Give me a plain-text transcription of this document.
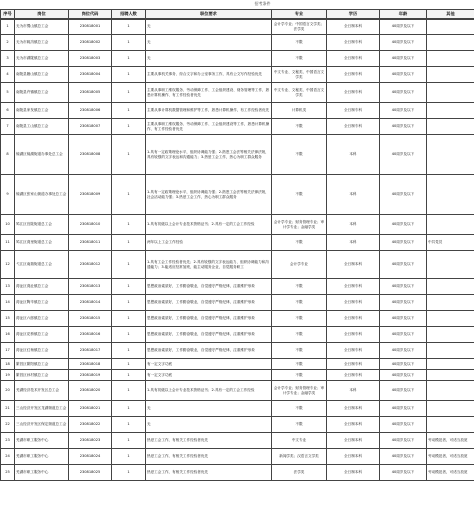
				招考条件				
序号	岗位	岗位代码	招聘人数	职位要求	专业	学历	年龄	其他
1	无为市蜀山镇总工会	230818001	1	无	会计学专业；中国语言文学类；法学类	全日制本科	40周岁及以下	
2	无为市姚沟镇总工会	230818002	1	无	不限	全日制专科	40周岁及以下	
3	无为市湖陇镇总工会	230818003	1	无	不限	全日制专科	40周岁及以下	
4	南陵县籍山镇总工会	230818004	1	主要从事机关事务、综合文字和办公室事务工作，具有公文写作经验优先	中文专业、文秘类、中国语言文学类	全日制专科	40周岁及以下	
5	南陵县许镇镇总工会	230818005	1	主要从事职工维权服务、劳动保障工作、工会组织建设、财务管理等工作，熟悉计算机操作、有工作经验者优先	中文专业、文秘类、中国语言文学类	全日制专科	40周岁及以下	
6	南陵县家发镇总工会	230818006	1	主要从事计算机数据管理和维护等工作，熟悉计算机操作，有工作经验者优先	计算机类	全日制专科	40周岁及以下	
7	南陵县工山镇总工会	230818007	1	主要从事职工维权服务、劳动保障工作、工会组织建设等工作，熟悉计算机操作、有工作经验者优先	不限	全日制专科	40周岁及以下	
8	镜湖区镜湖街道办事处总工会	230818008	1	1.具有一定政策理论水平，组织协调能力强；2.熟悉工会法等相关法律法规，具有较强的文字表达和沟通能力；3.热爱工会工作，热心为职工群众服务	不限	本科	40周岁及以下	
9	镜湖区张家山街道办事处总工会	230818009	1	1.具有一定政策理论水平，组织协调能力强；2.熟悉工会法等相关法律法规，社会活动能力强；3.热爱工会工作，热心为职工群众服务	不限	本科	40周岁及以下	
10	鸠江区官陡街道总工会	230818010	1	1.具有初级以上会计专业技术资格证书；2.具有一定的工会工作经验	会计学专业；财务管理专业；审计学专业；金融学类	本科	40周岁及以下	
11	鸠江区湾里街道总工会	230818011	1	两年以上工会工作经验	不限	本科	40周岁及以下	中共党员
12	弋江区南瑞街道总工会	230818012	1	1.具有工会工作经验者优先；2.具有较强的文字表达能力、组织协调能力和沟通能力；3.能适应经常加班，能主动服务企业，自觉服务职工	会计学专业	全日制本科	40周岁及以下	
13	湾沚区湾沚镇总工会	230818013	1	思想政治素质好，工作勤奋敬业，自觉遵守严格纪律，注重维护形象	不限	全日制专科	40周岁及以下	
14	湾沚区陶辛镇总工会	230818014	1	思想政治素质好，工作勤奋敬业，自觉遵守严格纪律，注重维护形象	不限	全日制专科	40周岁及以下	
15	湾沚区六郎镇总工会	230818015	1	思想政治素质好，工作勤奋敬业，自觉遵守严格纪律，注重维护形象	不限	全日制专科	40周岁及以下	
16	湾沚区花桥镇总工会	230818016	1	思想政治素质好，工作勤奋敬业，自觉遵守严格纪律，注重维护形象	不限	全日制专科	40周岁及以下	
17	湾沚区红杨镇总工会	230818017	1	思想政治素质好，工作勤奋敬业，自觉遵守严格纪律，注重维护形象	不限	全日制专科	40周岁及以下	
18	繁昌区繁阳镇总工会	230818018	1	有一定文字功底	不限	全日制专科	40周岁及以下	
19	繁昌区孙村镇总工会	230818019	1	有一定文字功底	不限	全日制专科	40周岁及以下	
20	芜湖经济技术开发区总工会	230818020	1	1.具有初级以上会计专业技术资格证书；2.具有一定的工会工作经验	会计学专业；财务管理专业；审计学专业；金融学类	本科	40周岁及以下	
21	三山经济开发区龙湖街道总工会	230818021	1	无	不限	全日制本科	40周岁及以下	
22	三山经济开发区保定街道总工会	230818022	1	无	不限	全日制本科	40周岁及以下	
23	芜湖市职工服务中心	230818023	1	热爱工会工作，有相关工作经验者优先	中文专业	全日制本科	40周岁及以下	劳动模范者，可适当放宽
24	芜湖市职工服务中心	230818024	1	热爱工会工作，有相关工作经验者优先	新闻学类；汉语言文学类	全日制本科	40周岁及以下	劳动模范者，可适当放宽
25	芜湖市职工服务中心	230818025	1	热爱工会工作，有相关工作经验者优先	法学类	全日制本科	40周岁及以下	劳动模范者，可适当放宽
